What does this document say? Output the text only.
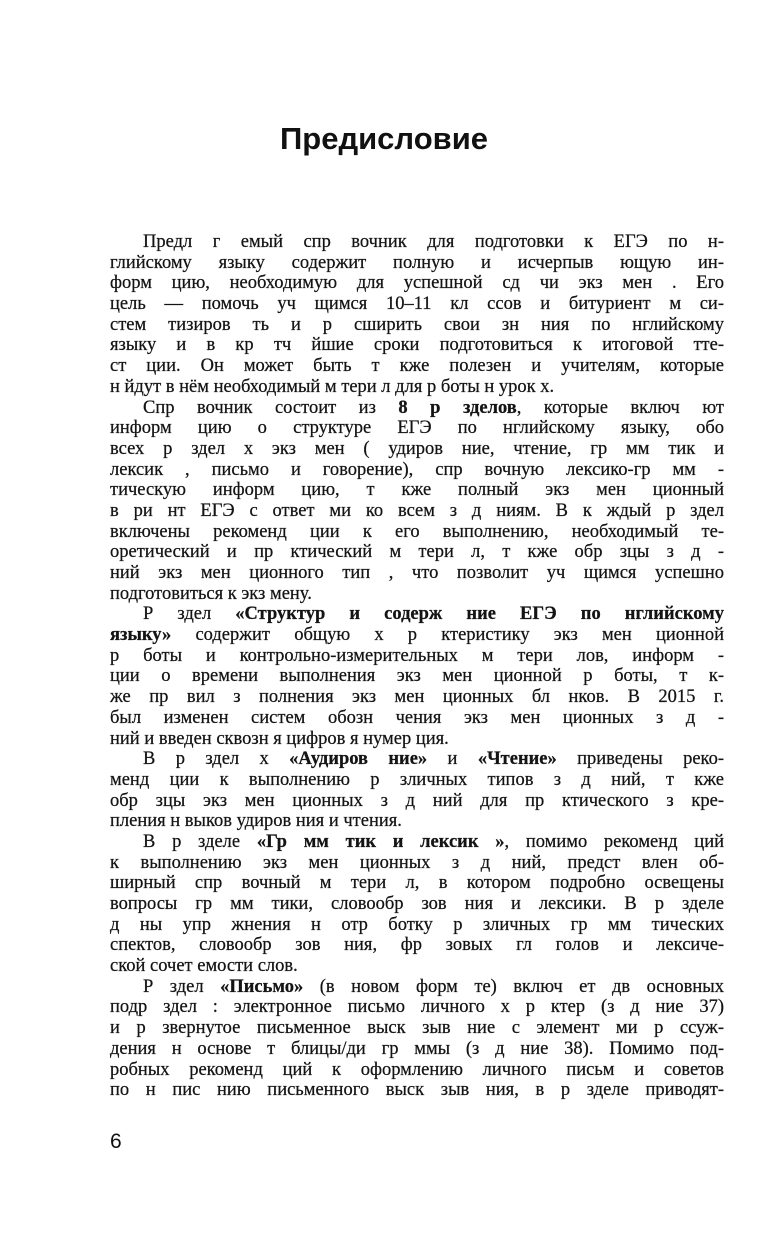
Предисловие
Предл г емый спр вочник для подготовки к ЕГЭ по н-
глийскому языку содержит полную и исчерпыв ющую ин-
форм цию, необходимую для успешной сд чи экз мен . Его
цель — помочь уч щимся 10–11 кл ссов и битуриент м си-
стем тизиров ть и р сширить свои зн ния по нглийскому
языку и в кр тч йшие сроки подготовиться к итоговой тте-
ст ции. Он может быть т кже полезен и учителям, которые
н йдут в нём необходимый м тери л для р боты н урок х.
Спр вочник состоит из 8 р зделов, которые включ ют
информ цию о структуре ЕГЭ по нглийскому языку, обо
всех р здел х экз мен ( удиров ние, чтение, гр мм тик и
лексик , письмо и говорение), спр вочную лексико-гр мм -
тическую информ цию, т кже полный экз мен ционный
в ри нт ЕГЭ с ответ ми ко всем з д ниям. В к ждый р здел
включены рекоменд ции к его выполнению, необходимый те-
оретический и пр ктический м тери л, т кже обр зцы з д -
ний экз мен ционного тип , что позволит уч щимся успешно
подготовиться к экз мену.
Р здел «Структур и содерж ние ЕГЭ по нглийскому
языку» содержит общую х р ктеристику экз мен ционной
р боты и контрольно-измерительных м тери лов, информ -
ции о времени выполнения экз мен ционной р боты, т к-
же пр вил з полнения экз мен ционных бл нков. В 2015 г.
был изменен систем обозн чения экз мен ционных з д -
ний и введен сквозн я цифров я нумер ция.
В р здел х «Аудиров ние» и «Чтение» приведены реко-
менд ции к выполнению р зличных типов з д ний, т кже
обр зцы экз мен ционных з д ний для пр ктического з кре-
пления н выков удиров ния и чтения.
В р зделе «Гр мм тик и лексик », помимо рекоменд ций
к выполнению экз мен ционных з д ний, предст влен об-
ширный спр вочный м тери л, в котором подробно освещены
вопросы гр мм тики, словообр зов ния и лексики. В р зделе
д ны упр жнения н отр ботку р зличных гр мм тических
спектов, словообр зов ния, фр зовых гл голов и лексиче-
ской сочет емости слов.
Р здел «Письмо» (в новом форм те) включ ет дв основных
подр здел : электронное письмо личного х р ктер (з д ние 37)
и р звернутое письменное выск зыв ние с элемент ми р ссуж-
дения н основе т блицы/ди гр ммы (з д ние 38). Помимо под-
робных рекоменд ций к оформлению личного письм и советов
по н пис нию письменного выск зыв ния, в р зделе приводят-
6
